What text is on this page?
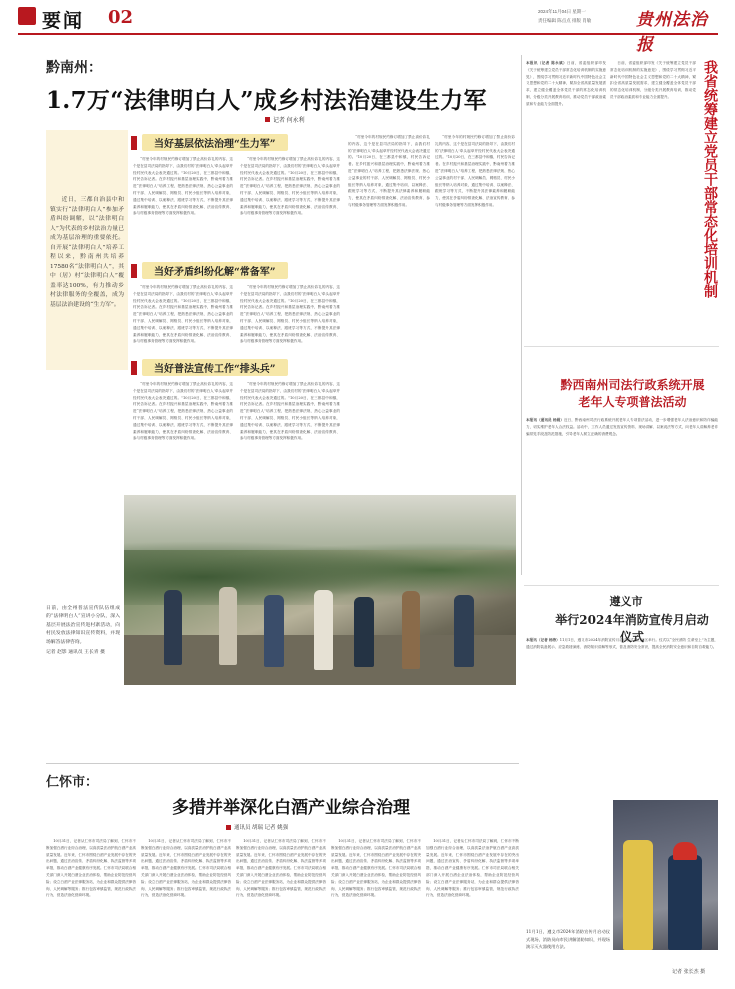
要闻 02	2024年11月04日 星期一
责任编辑 陈点点 排版 肖敏	贵州法治报
黔南州：
1.7万“法律明白人”成乡村法治建设生力军
记者 何永利

近日，三都自治县中和镇实行“法律明白人”参加矛盾纠纷调解，以“法律明白人”为代表的乡村法治力量已成为基层治理的重要依托。自开展“法律明白人”培养工程以来，黔南州共培养17580名“法律明白人”，其中（居）村“法律明白人”覆盖率达100%，有力推动乡村法律服务的全覆盖，成为基层法治建设的“生力军”。

当好基层依法治理“生力军”

“村里今年的村规民约修订增加了禁止高价彩礼的内容，这个是在县司法局的指导下，由我们村的‘法律明白人’牵头起草并经村民代表大会表决通过的。”10月20日，在三都县中和镇，村民告诉记者。在乡村振兴和基层治理实践中，黔南州着力推进“法律明白人”培养工程，把熟悉法律法规、热心公益事业的村干部、人民调解员、网格员、村民小组长等纳入培养对象，通过集中培训、以案释法、跟班学习等方式，不断提升其法律素养和履职能力，使其在矛盾纠纷排查化解、法治宣传教育、参与村级事务管理等方面发挥积极作用。

“村里今年的村规民约修订增加了禁止高价彩礼的内容，这个是在县司法局的指导下，由我们村的‘法律明白人’牵头起草并经村民代表大会表决通过的。”10月20日，在三都县中和镇，村民告诉记者。在乡村振兴和基层治理实践中，黔南州着力推进“法律明白人”培养工程，把熟悉法律法规、热心公益事业的村干部、人民调解员、网格员、村民小组长等纳入培养对象，通过集中培训、以案释法、跟班学习等方式，不断提升其法律素养和履职能力，使其在矛盾纠纷排查化解、法治宣传教育、参与村级事务管理等方面发挥积极作用。

当好矛盾纠纷化解“常备军”

“村里今年的村规民约修订增加了禁止高价彩礼的内容，这个是在县司法局的指导下，由我们村的‘法律明白人’牵头起草并经村民代表大会表决通过的。”10月20日，在三都县中和镇，村民告诉记者。在乡村振兴和基层治理实践中，黔南州着力推进“法律明白人”培养工程，把熟悉法律法规、热心公益事业的村干部、人民调解员、网格员、村民小组长等纳入培养对象，通过集中培训、以案释法、跟班学习等方式，不断提升其法律素养和履职能力，使其在矛盾纠纷排查化解、法治宣传教育、参与村级事务管理等方面发挥积极作用。

“村里今年的村规民约修订增加了禁止高价彩礼的内容，这个是在县司法局的指导下，由我们村的‘法律明白人’牵头起草并经村民代表大会表决通过的。”10月20日，在三都县中和镇，村民告诉记者。在乡村振兴和基层治理实践中，黔南州着力推进“法律明白人”培养工程，把熟悉法律法规、热心公益事业的村干部、人民调解员、网格员、村民小组长等纳入培养对象，通过集中培训、以案释法、跟班学习等方式，不断提升其法律素养和履职能力，使其在矛盾纠纷排查化解、法治宣传教育、参与村级事务管理等方面发挥积极作用。

当好普法宣传工作“排头兵”

“村里今年的村规民约修订增加了禁止高价彩礼的内容，这个是在县司法局的指导下，由我们村的‘法律明白人’牵头起草并经村民代表大会表决通过的。”10月20日，在三都县中和镇，村民告诉记者。在乡村振兴和基层治理实践中，黔南州着力推进“法律明白人”培养工程，把熟悉法律法规、热心公益事业的村干部、人民调解员、网格员、村民小组长等纳入培养对象，通过集中培训、以案释法、跟班学习等方式，不断提升其法律素养和履职能力，使其在矛盾纠纷排查化解、法治宣传教育、参与村级事务管理等方面发挥积极作用。

“村里今年的村规民约修订增加了禁止高价彩礼的内容，这个是在县司法局的指导下，由我们村的‘法律明白人’牵头起草并经村民代表大会表决通过的。”10月20日，在三都县中和镇，村民告诉记者。在乡村振兴和基层治理实践中，黔南州着力推进“法律明白人”培养工程，把熟悉法律法规、热心公益事业的村干部、人民调解员、网格员、村民小组长等纳入培养对象，通过集中培训、以案释法、跟班学习等方式，不断提升其法律素养和履职能力，使其在矛盾纠纷排查化解、法治宣传教育、参与村级事务管理等方面发挥积极作用。

“村里今年的村规民约修订增加了禁止高价彩礼的内容，这个是在县司法局的指导下，由我们村的‘法律明白人’牵头起草并经村民代表大会表决通过的。”10月20日，在三都县中和镇，村民告诉记者。在乡村振兴和基层治理实践中，黔南州着力推进“法律明白人”培养工程，把熟悉法律法规、热心公益事业的村干部、人民调解员、网格员、村民小组长等纳入培养对象，通过集中培训、以案释法、跟班学习等方式，不断提升其法律素养和履职能力，使其在矛盾纠纷排查化解、法治宣传教育、参与村级事务管理等方面发挥积极作用。

“村里今年的村规民约修订增加了禁止高价彩礼的内容，这个是在县司法局的指导下，由我们村的‘法律明白人’牵头起草并经村民代表大会表决通过的。”10月20日，在三都县中和镇，村民告诉记者。在乡村振兴和基层治理实践中，黔南州着力推进“法律明白人”培养工程，把熟悉法律法规、热心公益事业的村干部、人民调解员、网格员、村民小组长等纳入培养对象，通过集中培训、以案释法、跟班学习等方式，不断提升其法律素养和履职能力，使其在矛盾纠纷排查化解、法治宣传教育、参与村级事务管理等方面发挥积极作用。

日前，由全州普法宣传队伍组成的“法律明白人”宣讲小分队，深入基层开展法治宣传进村寨活动，向村民发放法律知识宣传资料，并现场解答法律咨询。

记者 赵影 通讯员 王长青 摄

我省统筹建立党员干部常态化培训机制

本报讯（记者 陈永斌）日前，省委组织部印发《关于统筹建立党员干部常态化培训机制的实施意见》，围绕学习贯彻习近平新时代中国特色社会主义思想和党的二十大精神，紧扣全省高质量发展需求，建立健全覆盖全体党员干部的常态化培训机制，分级分类开展教育培训，推动党员干部政治素质和专业能力全面提升。

日前，省委组织部印发《关于统筹建立党员干部常态化培训机制的实施意见》，围绕学习贯彻习近平新时代中国特色社会主义思想和党的二十大精神，紧扣全省高质量发展需求，建立健全覆盖全体党员干部的常态化培训机制，分级分类开展教育培训，推动党员干部政治素质和专业能力全面提升。

黔西南州司法行政系统开展老年人专项普法活动

本报讯（通讯员 杨娟）近日，黔西南州司法行政系统开展老年人专项普法活动，进一步增强老年人法治意识和防诈骗能力，切实维护老年人合法权益。活动中，工作人员通过发放宣传资料、现场讲解、以案说法等方式，向老年人讲解养老诈骗常见手段及防范措施，引导老年人树立正确的消费观念。

遵义市
举行2024年消防宣传月启动仪式

本报讯（记者 杨涛）11月1日，遵义市2024年消防宣传月启动仪式在汇川区举行。仪式以“全民消防 生命至上”为主题，通过消防装备展示、应急救援演练、消防知识讲解等形式，普及消防安全常识，提高全民消防安全意识和自防自救能力。

11月1日，遵义市2024年消防宣传月启动仪式现场，消防员向市民讲解消防知识，并现场演示灭火器使用方法。

记者 张长杰 摄
仁怀市：
多措并举深化白酒产业综合治理
通讯员 胡瑞 记者 姚强

10月31日，记者从仁怀市司法局了解到，仁怀市不断加强白酒行业综合治理，以高质量法治护航白酒产业高质量发展。近年来，仁怀市围绕白酒产业发展中存在的突出问题，通过法治宣传、矛盾纠纷化解、执法监督等多项举措，推动白酒产业健康有序发展。仁怀市司法局联合相关部门深入开展白酒企业法治体检，帮助企业防范经营风险；设立白酒产业法律服务站，为企业和群众提供法律咨询、人民调解等服务；推行包容审慎监管，规范行政执法行为，营造法治化营商环境。

10月31日，记者从仁怀市司法局了解到，仁怀市不断加强白酒行业综合治理，以高质量法治护航白酒产业高质量发展。近年来，仁怀市围绕白酒产业发展中存在的突出问题，通过法治宣传、矛盾纠纷化解、执法监督等多项举措，推动白酒产业健康有序发展。仁怀市司法局联合相关部门深入开展白酒企业法治体检，帮助企业防范经营风险；设立白酒产业法律服务站，为企业和群众提供法律咨询、人民调解等服务；推行包容审慎监管，规范行政执法行为，营造法治化营商环境。

10月31日，记者从仁怀市司法局了解到，仁怀市不断加强白酒行业综合治理，以高质量法治护航白酒产业高质量发展。近年来，仁怀市围绕白酒产业发展中存在的突出问题，通过法治宣传、矛盾纠纷化解、执法监督等多项举措，推动白酒产业健康有序发展。仁怀市司法局联合相关部门深入开展白酒企业法治体检，帮助企业防范经营风险；设立白酒产业法律服务站，为企业和群众提供法律咨询、人民调解等服务；推行包容审慎监管，规范行政执法行为，营造法治化营商环境。

10月31日，记者从仁怀市司法局了解到，仁怀市不断加强白酒行业综合治理，以高质量法治护航白酒产业高质量发展。近年来，仁怀市围绕白酒产业发展中存在的突出问题，通过法治宣传、矛盾纠纷化解、执法监督等多项举措，推动白酒产业健康有序发展。仁怀市司法局联合相关部门深入开展白酒企业法治体检，帮助企业防范经营风险；设立白酒产业法律服务站，为企业和群众提供法律咨询、人民调解等服务；推行包容审慎监管，规范行政执法行为，营造法治化营商环境。

10月31日，记者从仁怀市司法局了解到，仁怀市不断加强白酒行业综合治理，以高质量法治护航白酒产业高质量发展。近年来，仁怀市围绕白酒产业发展中存在的突出问题，通过法治宣传、矛盾纠纷化解、执法监督等多项举措，推动白酒产业健康有序发展。仁怀市司法局联合相关部门深入开展白酒企业法治体检，帮助企业防范经营风险；设立白酒产业法律服务站，为企业和群众提供法律咨询、人民调解等服务；推行包容审慎监管，规范行政执法行为，营造法治化营商环境。
